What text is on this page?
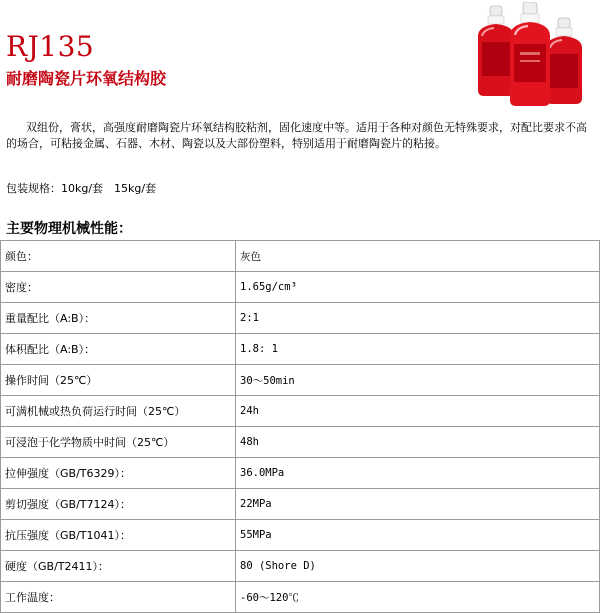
RJ135
耐磨陶瓷片环氧结构胶
双组份，膏状，高强度耐磨陶瓷片环氧结构胶粘剂，固化速度中等。适用于各种对颜色无特殊要求，对配比要求不高的场合，可粘接金属、石器、木材、陶瓷以及大部份塑料，特别适用于耐磨陶瓷片的粘接。
包装规格：10kg/套　15kg/套
主要物理机械性能：
颜色：	灰色
密度：	1.65g/cm³
重量配比（A:B）：	2:1
体积配比（A:B）：	1.8: 1
操作时间（25℃）	30～50min
可满机械或热负荷运行时间（25℃）	24h
可浸泡于化学物质中时间（25℃）	48h
拉伸强度（GB/T6329）：	36.0MPa
剪切强度（GB/T7124）：	22MPa
抗压强度（GB/T1041）：	55MPa
硬度（GB/T2411）：	80 (Shore D)
工作温度：	-60～120℃
